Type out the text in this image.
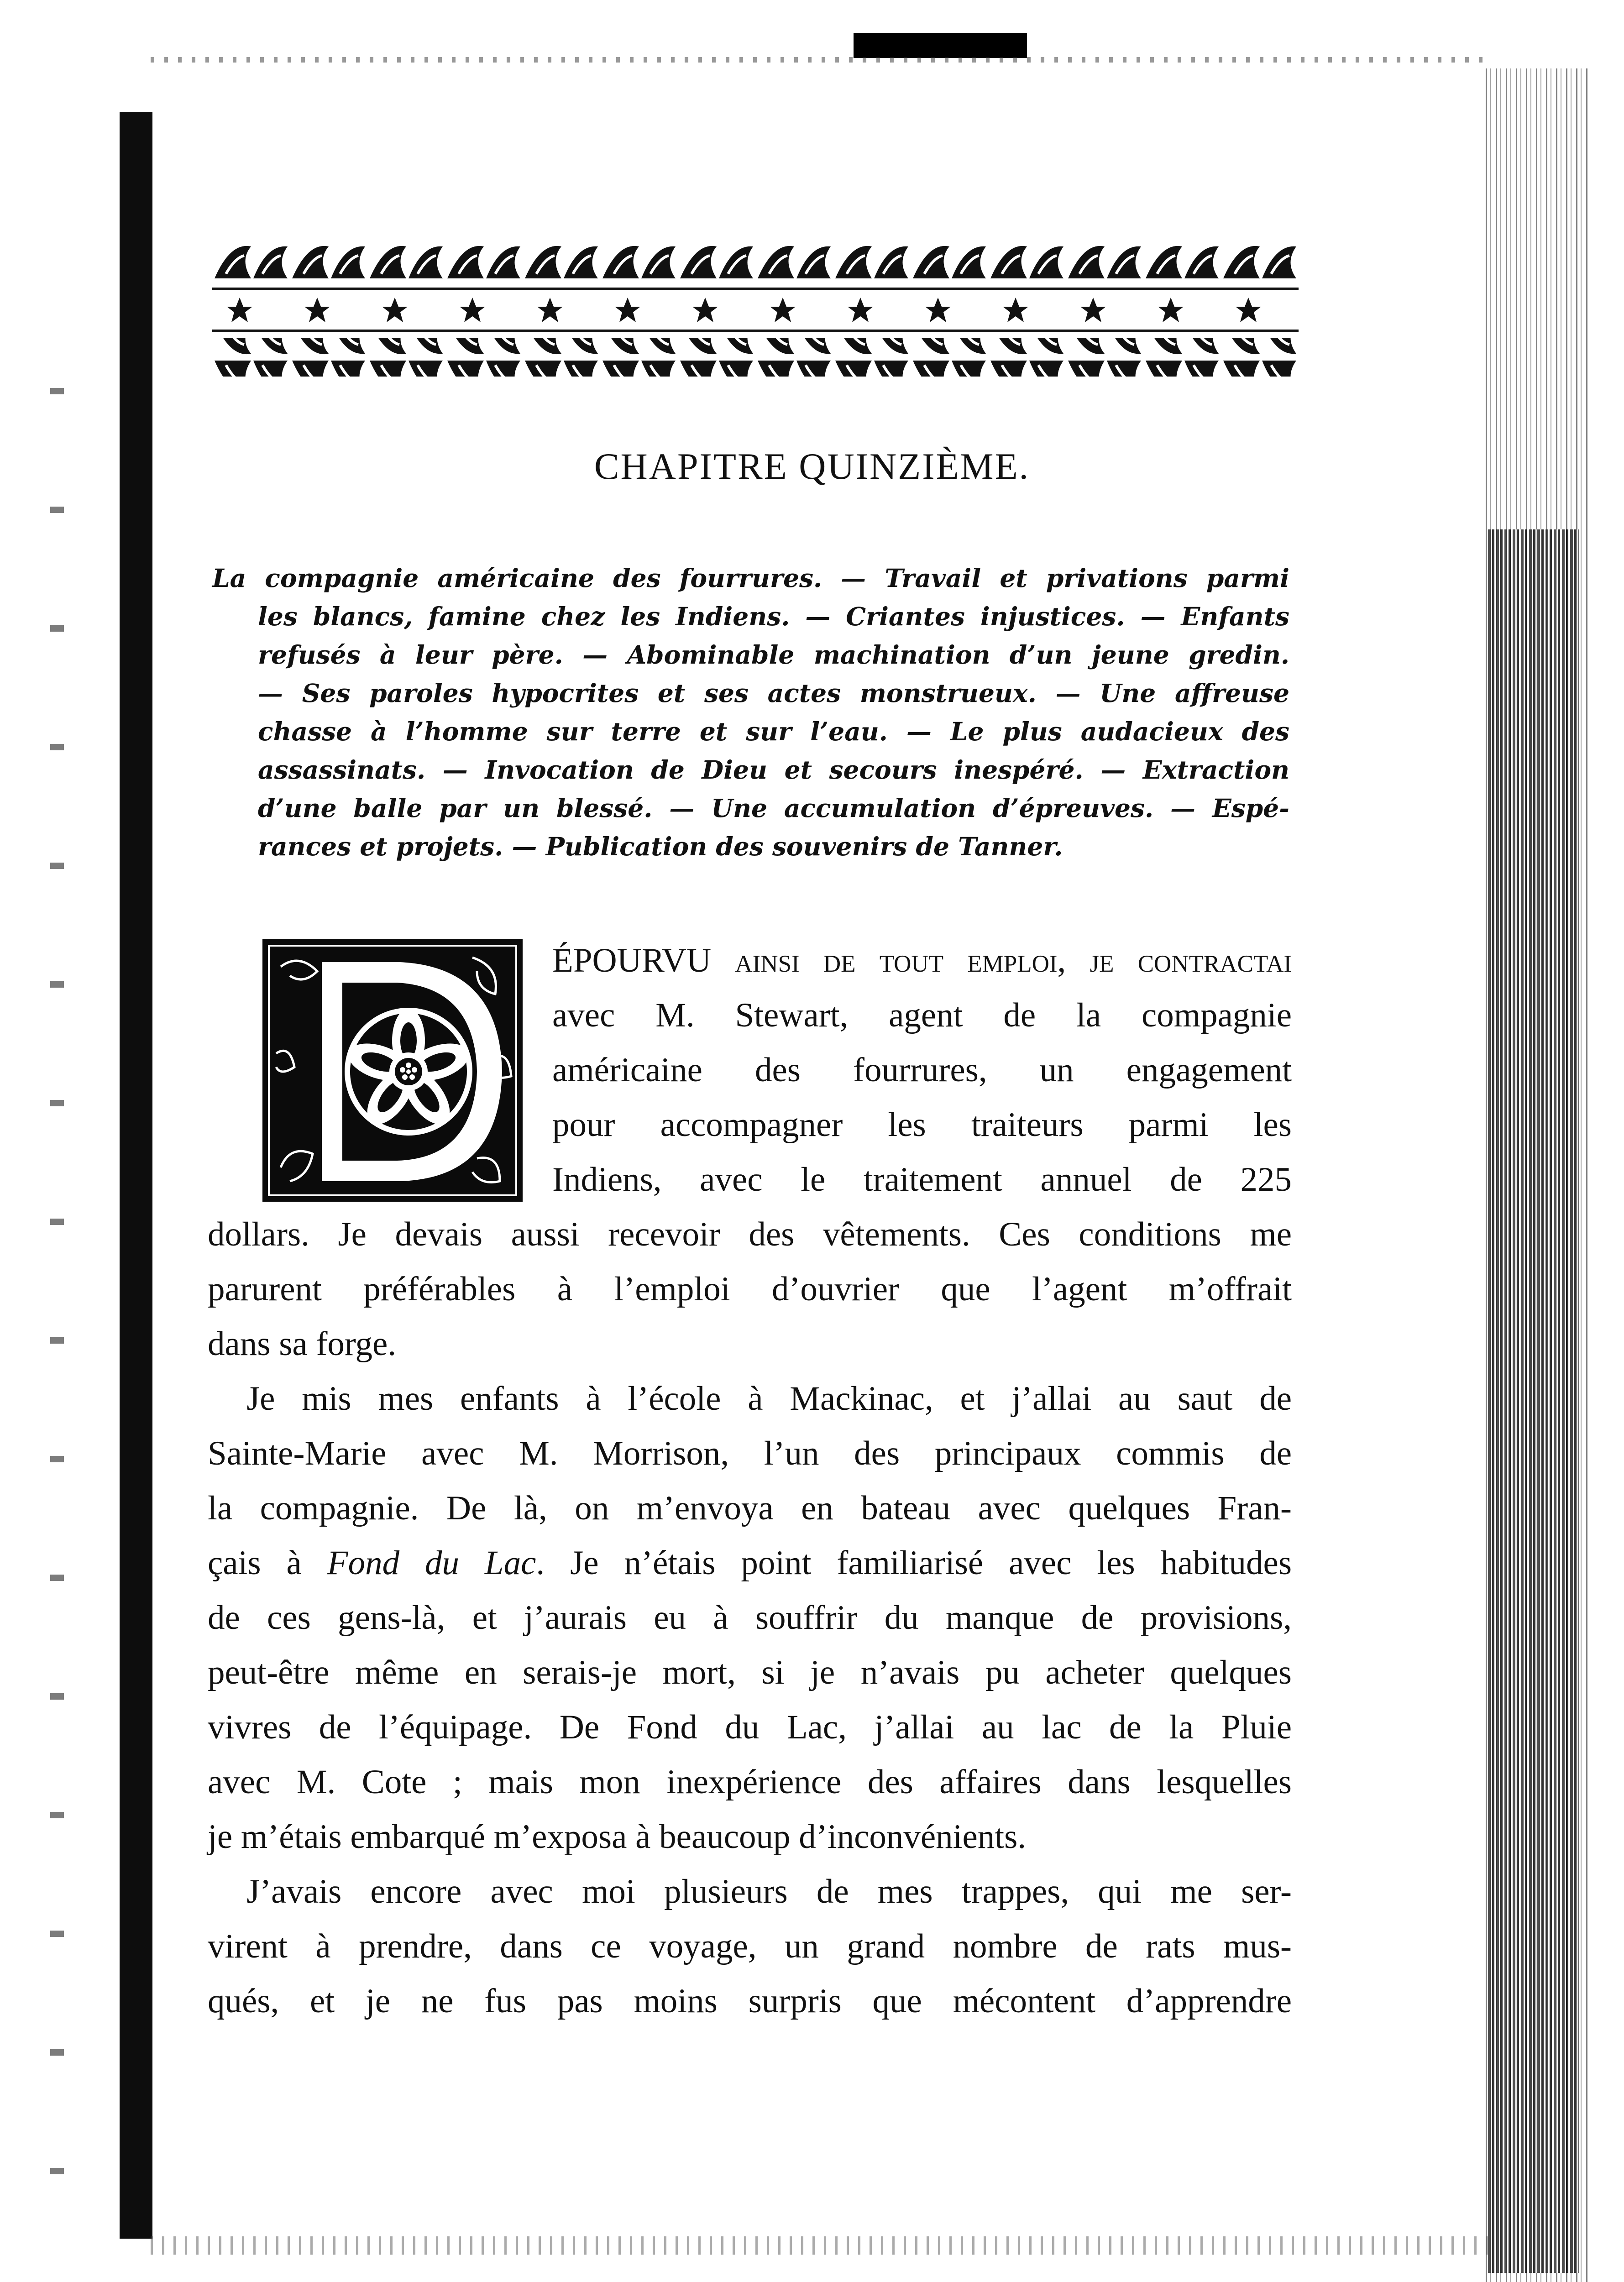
CHAPITRE QUINZIÈME.
La compagnie américaine des fourrures. — Travail et privations parmi
les blancs, famine chez les Indiens. — Criantes injustices. — Enfants
refusés à leur père. — Abominable machination d’un jeune gredin.
— Ses paroles hypocrites et ses actes monstrueux. — Une affreuse
chasse à l’homme sur terre et sur l’eau. — Le plus audacieux des
assassinats. — Invocation de Dieu et secours inespéré. — Extraction
d’une balle par un blessé. — Une accumulation d’épreuves. — Espé-
rances et projets. — Publication des souvenirs de Tanner.
ÉPOURVU ainsi de tout emploi, je contractai
avec M. Stewart, agent de la compagnie
américaine des fourrures, un engagement
pour accompagner les traiteurs parmi les
Indiens, avec le traitement annuel de 225
dollars. Je devais aussi recevoir des vêtements. Ces conditions me
parurent préférables à l’emploi d’ouvrier que l’agent m’offrait
dans sa forge.
Je mis mes enfants à l’école à Mackinac, et j’allai au saut de
Sainte-Marie avec M. Morrison, l’un des principaux commis de
la compagnie. De là, on m’envoya en bateau avec quelques Fran-
çais à Fond du Lac. Je n’étais point familiarisé avec les habitudes
de ces gens-là, et j’aurais eu à souffrir du manque de provisions,
peut-être même en serais-je mort, si je n’avais pu acheter quelques
vivres de l’équipage. De Fond du Lac, j’allai au lac de la Pluie
avec M. Cote ; mais mon inexpérience des affaires dans lesquelles
je m’étais embarqué m’exposa à beaucoup d’inconvénients.
J’avais encore avec moi plusieurs de mes trappes, qui me ser-
virent à prendre, dans ce voyage, un grand nombre de rats mus-
qués, et je ne fus pas moins surpris que mécontent d’apprendre
